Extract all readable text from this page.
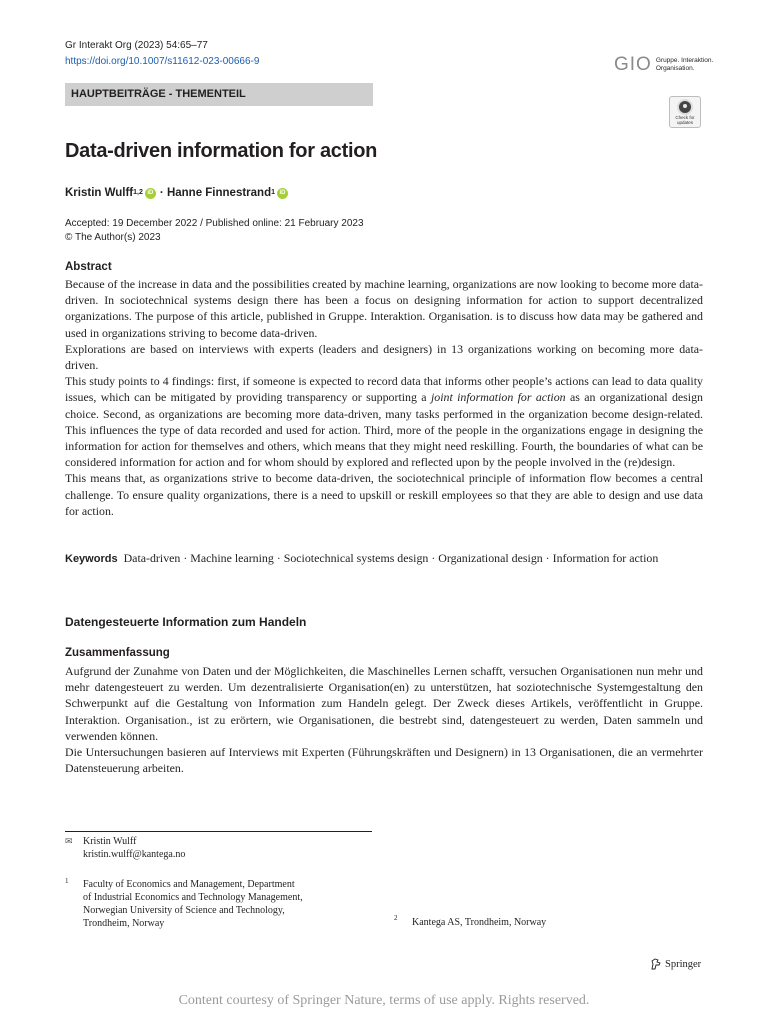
Gr Interakt Org (2023) 54:65–77
https://doi.org/10.1007/s11612-023-00666-9	GIO Gruppe. Interaktion.
Organisation.
HAUPTBEITRÄGE - THEMENTEIL
Check for
updates
Data-driven information for action
Kristin Wulff$^{1,2}$ iD ·
Hanne Finnestrand$^1$ iD
Accepted: 19 December 2022 / Published online: 21 February 2023
© The Author(s) 2023
Abstract

Because of the increase in data and the possibilities created by machine learning, organizations are now looking to become more data-driven. In sociotechnical systems design there has been a focus on designing information for action to support decentralized organizations. The purpose of this article, published in Gruppe. Interaktion. Organisation. is to discuss how data may be gathered and used in organizations striving to become data-driven.

Explorations are based on interviews with experts (leaders and designers) in 13 organizations working on becoming more data-driven.

This study points to 4 findings: first, if someone is expected to record data that informs other people’s actions can lead to data quality issues, which can be mitigated by providing transparency or supporting a joint information for action as an organizational design choice. Second, as organizations are becoming more data-driven, many tasks performed in the organization become design-related. This influences the type of data recorded and used for action. Third, more of the people in the organizations engage in designing the information for action for themselves and others, which means that they might need reskilling. Fourth, the boundaries of what can be considered information for action and for whom should by explored and reflected upon by the people involved in the (re)design.

This means that, as organizations strive to become data-driven, the sociotechnical principle of information flow becomes a central challenge. To ensure quality organizations, there is a need to upskill or reskill employees so that they are able to design and use data for action.

Keywords Data-driven · Machine learning · Sociotechnical systems design · Organizational design · Information for action
Datengesteuerte Information zum Handeln
Zusammenfassung

Aufgrund der Zunahme von Daten und der Möglichkeiten, die Maschinelles Lernen schafft, versuchen Organisationen nun mehr und mehr datengesteuert zu werden. Um dezentralisierte Organisation(en) zu unterstützen, hat soziotechnische Systemgestaltung den Schwerpunkt auf die Gestaltung von Information zum Handeln gelegt. Der Zweck dieses Artikels, veröffentlicht in Gruppe. Interaktion. Organisation., ist zu erörtern, wie Organisationen, die bestrebt sind, datengesteuert zu werden, Daten sammeln und verwenden können.

Die Untersuchungen basieren auf Interviews mit Experten (Führungskräften und Designern) in 13 Organisationen, die an vermehrter Datensteuerung arbeiten.

✉ Kristin Wulff
kristin.wulff@kantega.no
1 Faculty of Economics and Management, Department
of Industrial Economics and Technology Management,
Norwegian University of Science and Technology,
Trondheim, Norway	2 Kantega AS, Trondheim, Norway
Springer
Content courtesy of Springer Nature, terms of use apply. Rights reserved.
